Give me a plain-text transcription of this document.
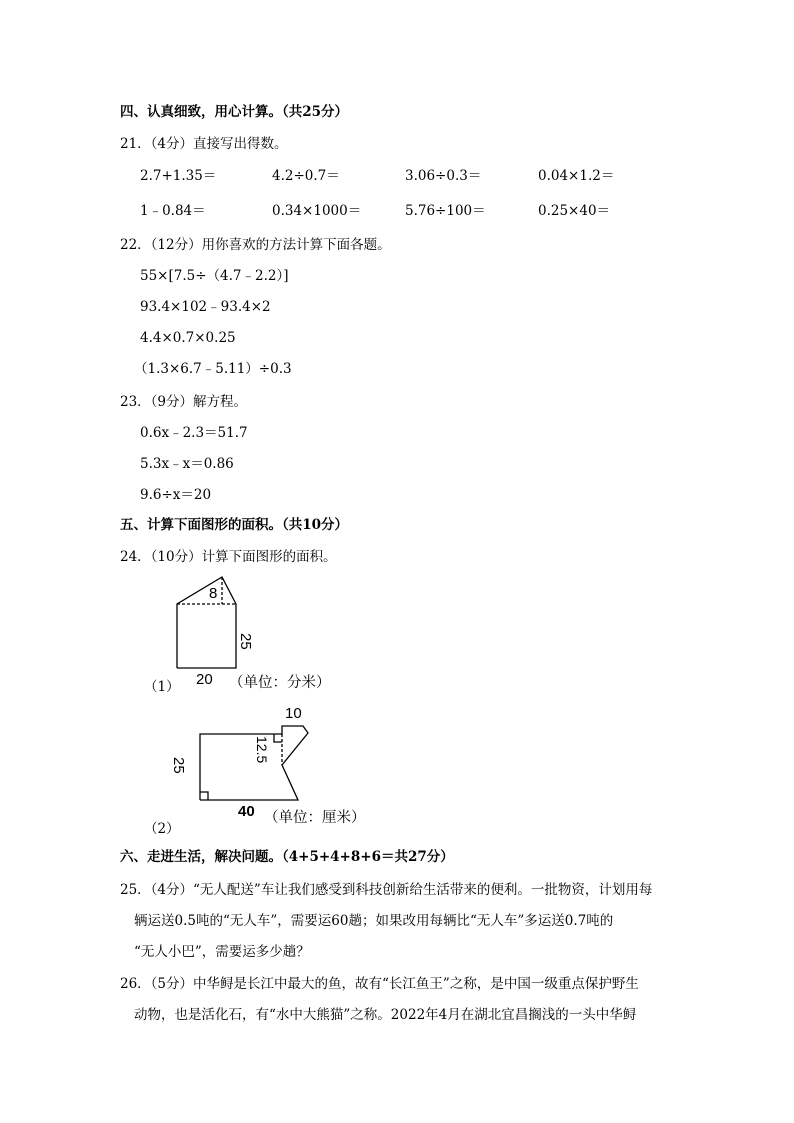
四、认真细致，用心计算。（共25分）
21．（4分）直接写出得数。
2.7+1.35＝	4.2÷0.7＝	3.06÷0.3＝	0.04×1.2＝
1﹣0.84＝	0.34×1000＝	5.76÷100＝	0.25×40＝
22．（12分）用你喜欢的方法计算下面各题。
55×[7.5÷（4.7﹣2.2）]
93.4×102﹣93.4×2
4.4×0.7×0.25
（1.3×6.7﹣5.11）÷0.3
23．（9分）解方程。
0.6x﹣2.3＝51.7
5.3x﹣x＝0.86
9.6÷x＝20
五、计算下面图形的面积。（共10分）
24．（10分）计算下面图形的面积。
8
25
（1） 20 （单位：分米）
10
12.5
25
（2）
40 （单位：厘米）
六、走进生活，解决问题。（4+5+4+8+6＝共27分）
25．（4分）“无人配送”车让我们感受到科技创新给生活带来的便利。一批物资，计划用每
辆运送0.5吨的“无人车”，需要运60趟；如果改用每辆比“无人车”多运送0.7吨的
“无人小巴”，需要运多少趟？
26．（5分）中华鲟是长江中最大的鱼，故有“长江鱼王”之称，是中国一级重点保护野生
动物，也是活化石，有“水中大熊猫”之称。2022年4月在湖北宜昌搁浅的一头中华鲟
